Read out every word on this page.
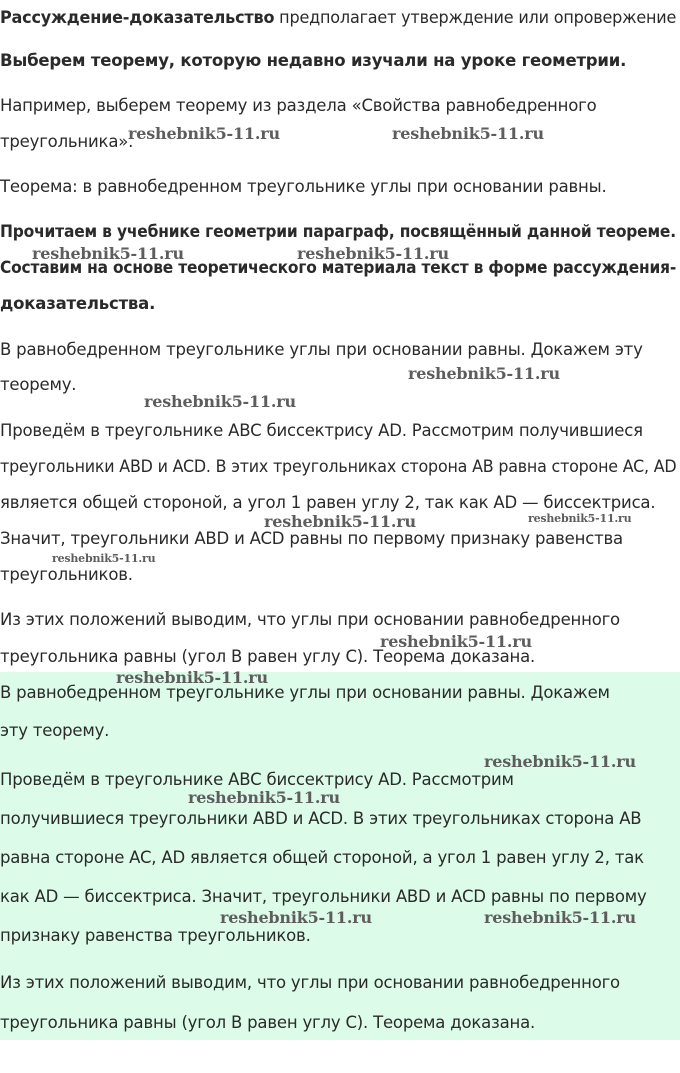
Рассуждение-доказательство предполагает утверждение или опровержение

Выберем теорему, которую недавно изучали на уроке геометрии.

Например, выберем теорему из раздела «Свойства равнобедренного

треугольника».

Теорема: в равнобедренном треугольнике углы при основании равны.

Прочитаем в учебнике геометрии параграф, посвящённый данной теореме.

Составим на основе теоретического материала текст в форме рассуждения-

доказательства.

В равнобедренном треугольнике углы при основании равны. Докажем эту

теорему.

Проведём в треугольнике ABC биссектрису AD. Рассмотрим получившиеся

треугольники ABD и ACD. В этих треугольниках сторона AB равна стороне AC, AD

является общей стороной, а угол 1 равен углу 2, так как AD — биссектриса.

Значит, треугольники ABD и ACD равны по первому признаку равенства

треугольников.

Из этих положений выводим, что углы при основании равнобедренного

треугольника равны (угол B равен углу C). Теорема доказана.

В равнобедренном треугольнике углы при основании равны. Докажем

эту теорему.

Проведём в треугольнике ABC биссектрису AD. Рассмотрим

получившиеся треугольники ABD и ACD. В этих треугольниках сторона AB

равна стороне AC, AD является общей стороной, а угол 1 равен углу 2, так

как AD — биссектриса. Значит, треугольники ABD и ACD равны по первому

признаку равенства треугольников.

Из этих положений выводим, что углы при основании равнобедренного

треугольника равны (угол B равен углу C). Теорема доказана.

reshebnik5-11.ru	reshebnik5-11.ru
reshebnik5-11.ru	reshebnik5-11.ru
reshebnik5-11.ru
reshebnik5-11.ru
reshebnik5-11.ru	reshebnik5-11.ru
reshebnik5-11.ru
reshebnik5-11.ru
reshebnik5-11.ru
reshebnik5-11.ru
reshebnik5-11.ru
reshebnik5-11.ru	reshebnik5-11.ru
